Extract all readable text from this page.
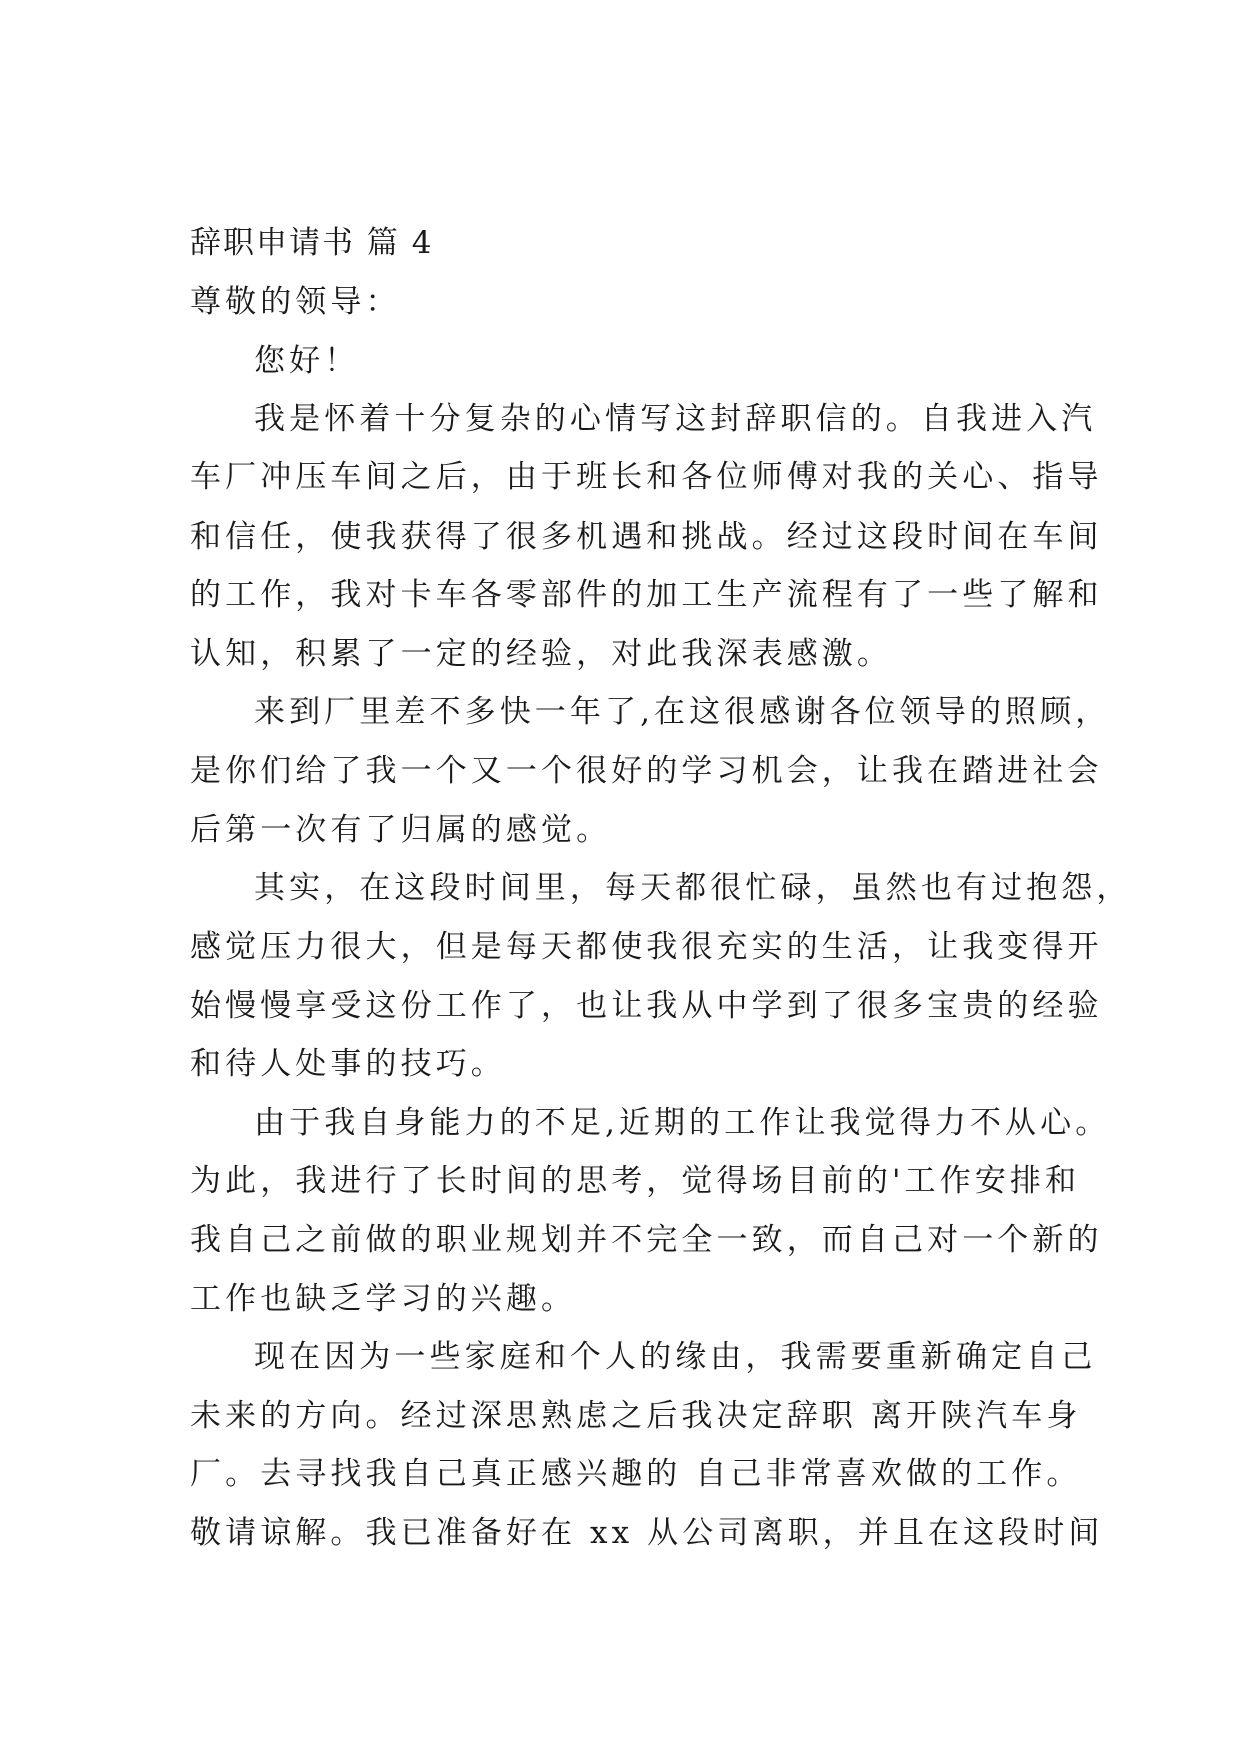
辞职申请书 篇 4
尊敬的领导：
您好！
我是怀着十分复杂的心情写这封辞职信的。自我进入汽
车厂冲压车间之后，由于班长和各位师傅对我的关心、指导
和信任，使我获得了很多机遇和挑战。经过这段时间在车间
的工作，我对卡车各零部件的加工生产流程有了一些了解和
认知，积累了一定的经验，对此我深表感激。
来到厂里差不多快一年了,在这很感谢各位领导的照顾，
是你们给了我一个又一个很好的学习机会，让我在踏进社会
后第一次有了归属的感觉。
其实，在这段时间里，每天都很忙碌，虽然也有过抱怨，
感觉压力很大，但是每天都使我很充实的生活，让我变得开
始慢慢享受这份工作了，也让我从中学到了很多宝贵的经验
和待人处事的技巧。
由于我自身能力的不足,近期的工作让我觉得力不从心。
为此，我进行了长时间的思考，觉得场目前的'工作安排和
我自己之前做的职业规划并不完全一致，而自己对一个新的
工作也缺乏学习的兴趣。
现在因为一些家庭和个人的缘由，我需要重新确定自己
未来的方向。经过深思熟虑之后我决定辞职 离开陕汽车身
厂。去寻找我自己真正感兴趣的 自己非常喜欢做的工作。
敬请谅解。我已准备好在 xx 从公司离职，并且在这段时间
